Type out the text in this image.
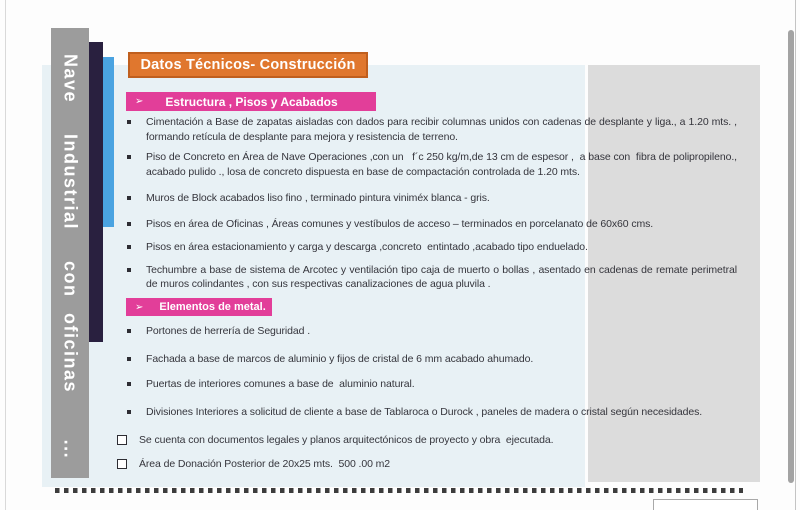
Nave  Industrial  con oficinas   ...	Datos Técnicos- Construcción
➢ Estructura , Pisos y Acabados
Cimentación a Base de zapatas aisladas con dados para recibir columnas unidos con cadenas de desplante y liga., a 1.20 mts. , formando retícula de desplante para mejora y resistencia de terreno.
Piso de Concreto en Área de Nave Operaciones ,con un   f´c 250 kg/m,de 13 cm de espesor ,  a base con  fibra de polipropileno., acabado pulido ., losa de concreto dispuesta en base de compactación controlada de 1.20 mts.
Muros de Block acabados liso fino , terminado pintura viniméx blanca - gris.
Pisos en área de Oficinas , Áreas comunes y vestíbulos de acceso – terminados en porcelanato de 60x60 cms.
Pisos en área estacionamiento y carga y descarga ,concreto  entintado ,acabado tipo enduelado.
Techumbre a base de sistema de Arcotec y ventilación tipo caja de muerto o bollas , asentado en cadenas de remate perimetral de muros colindantes , con sus respectivas canalizaciones de agua pluvila .
➢ Elementos de metal.
Portones de herrería de Seguridad .
Fachada a base de marcos de aluminio y fijos de cristal de 6 mm acabado ahumado.
Puertas de interiores comunes a base de  aluminio natural.
Divisiones Interiores a solicitud de cliente a base de Tablaroca o Durock , paneles de madera o cristal según necesidades.
Se cuenta con documentos legales y planos arquitectónicos de proyecto y obra  ejecutada.
Área de Donación Posterior de 20x25 mts.  500 .00 m2
